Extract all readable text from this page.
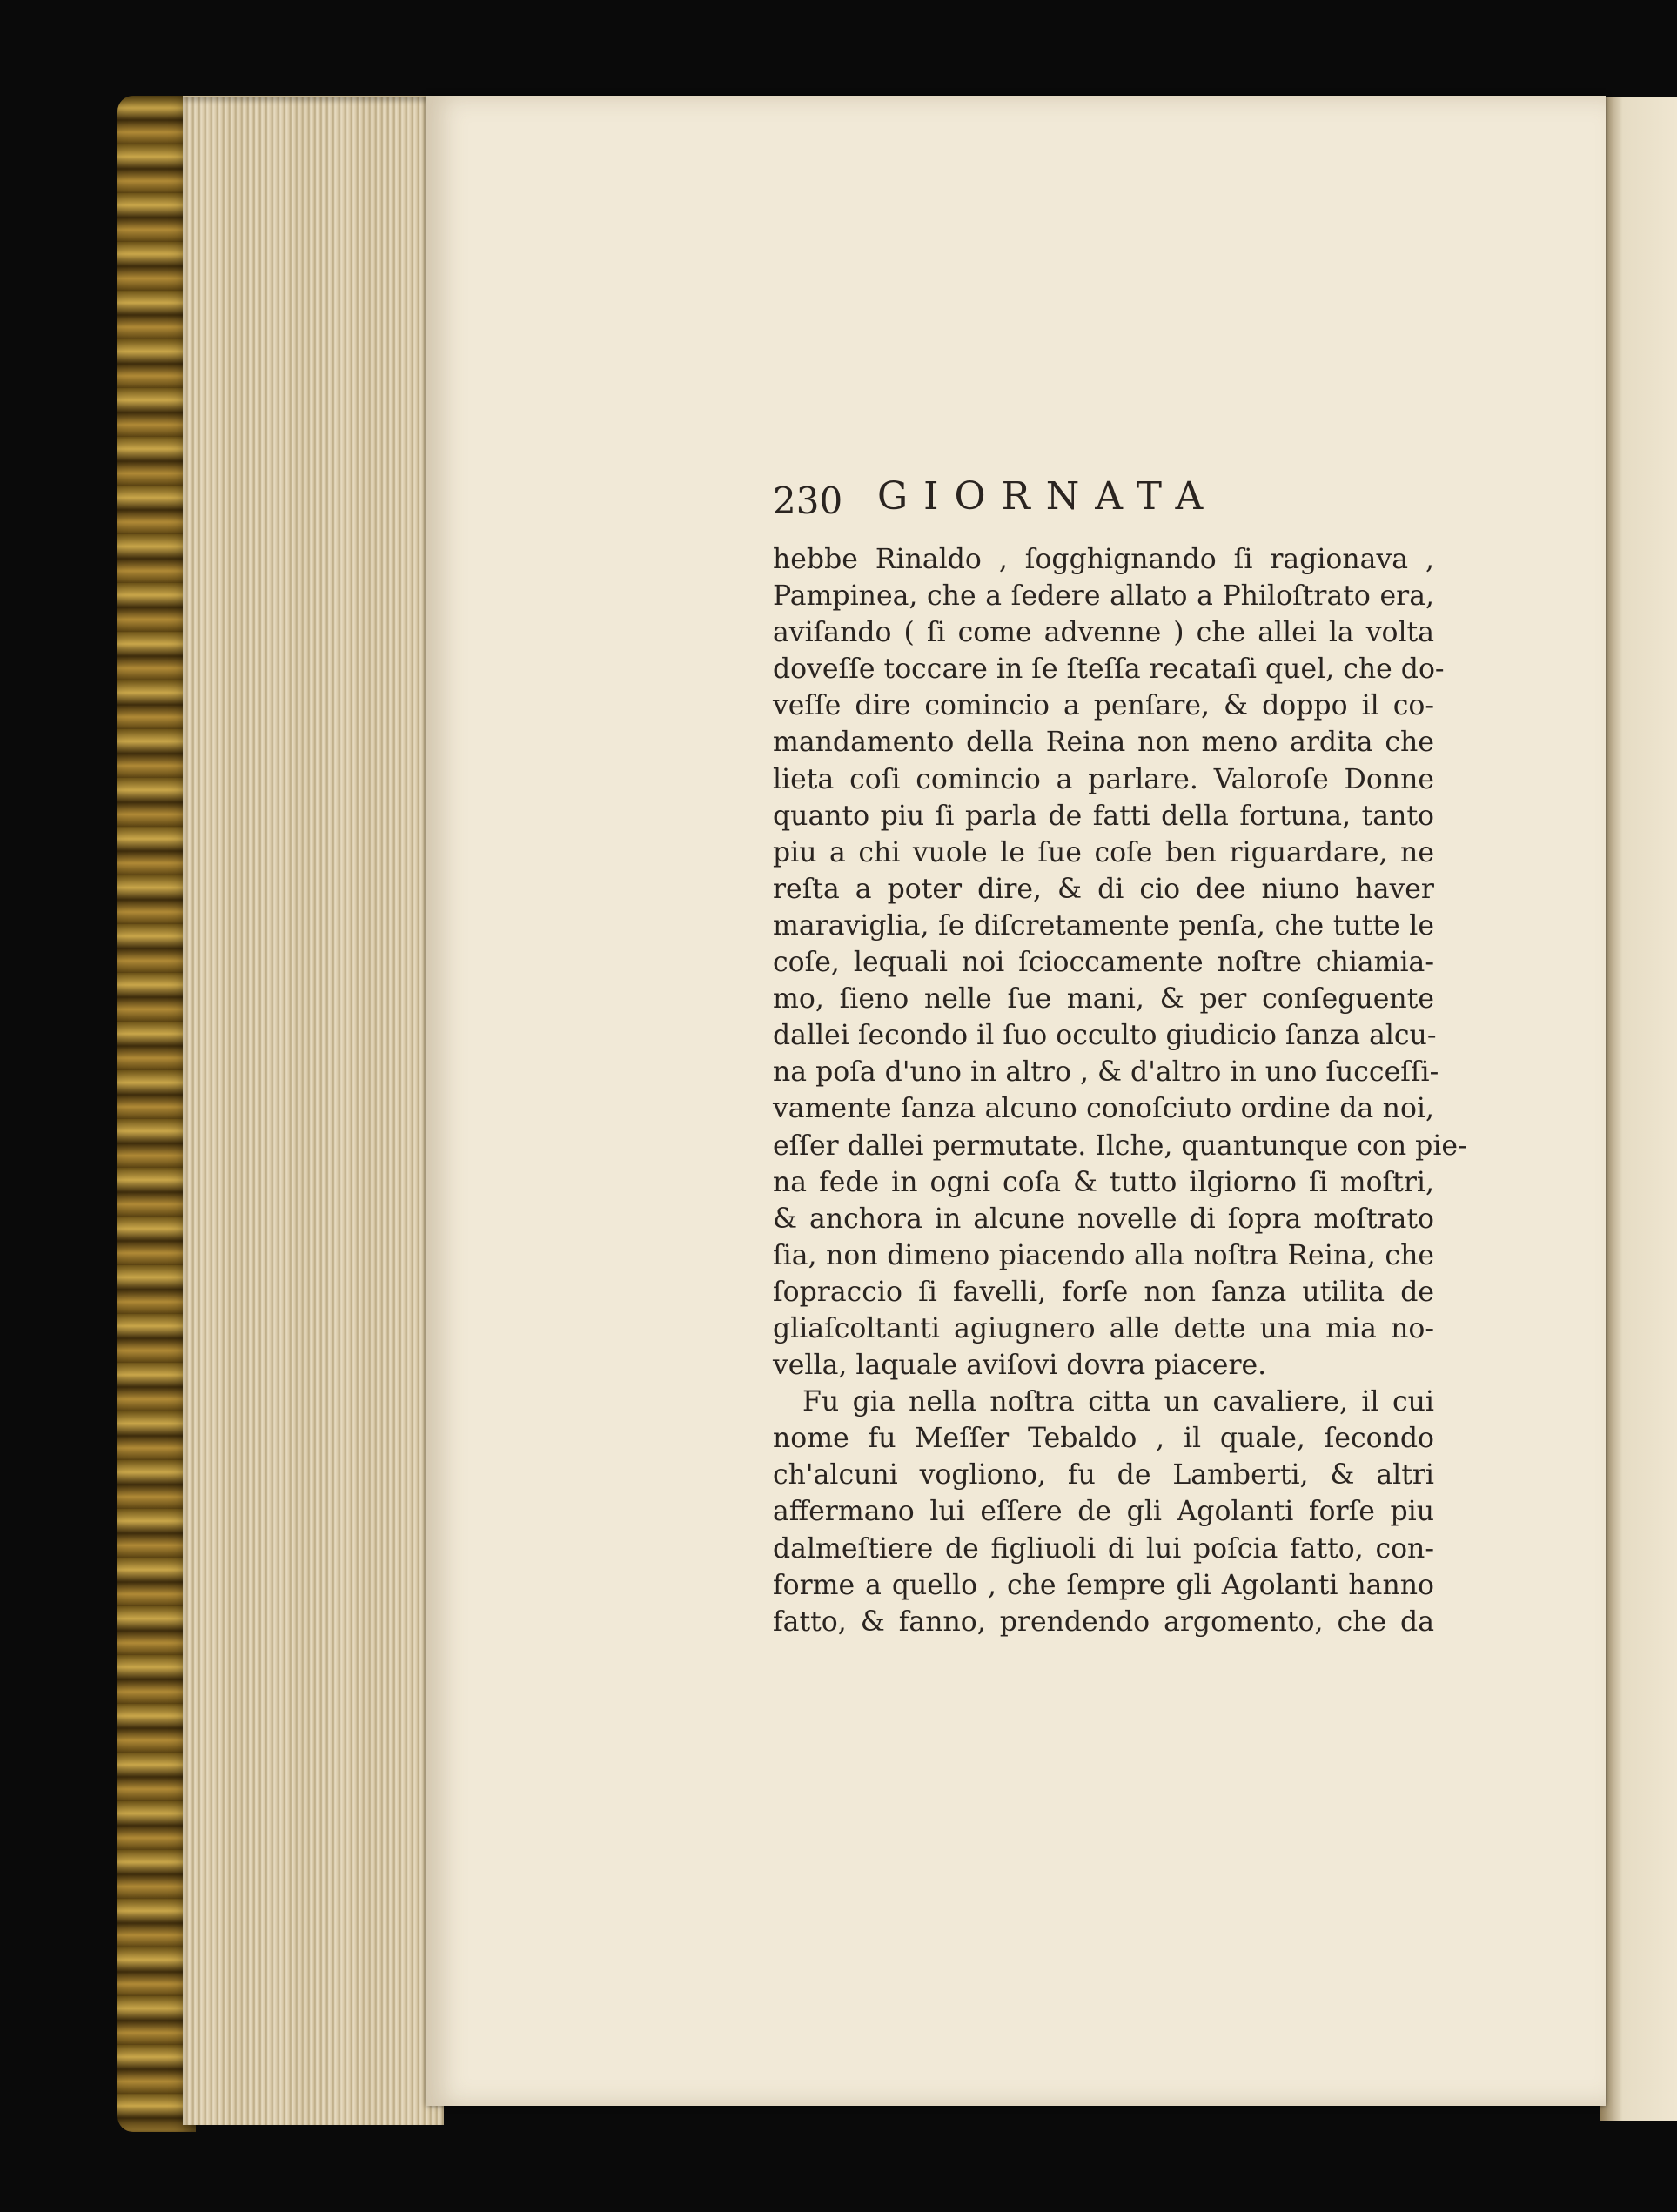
230 GIORNATA
hebbe Rinaldo , ſogghignando ſi ragionava ,
Pampinea, che a ſedere allato a Philoſtrato era,
aviſando ( ſi come advenne ) che allei la volta
doveſſe toccare in ſe ſteſſa recataſi quel, che do-
veſſe dire comincio a penſare, & doppo il co-
mandamento della Reina non meno ardita che
lieta coſi comincio a parlare. Valoroſe Donne
quanto piu ſi parla de fatti della fortuna, tanto
piu a chi vuole le ſue coſe ben riguardare, ne
reſta a poter dire, & di cio dee niuno haver
maraviglia, ſe diſcretamente penſa, che tutte le
coſe, lequali noi ſcioccamente noſtre chiamia-
mo, ſieno nelle ſue mani, & per conſeguente
dallei ſecondo il ſuo occulto giudicio ſanza alcu-
na poſa d'uno in altro , & d'altro in uno ſucceſſi-
vamente ſanza alcuno conoſciuto ordine da noi,
eſſer dallei permutate. Ilche, quantunque con pie-
na fede in ogni coſa & tutto ilgiorno ſi moſtri,
& anchora in alcune novelle di ſopra moſtrato
ſia, non dimeno piacendo alla noſtra Reina, che
ſopraccio ſi favelli, forſe non ſanza utilita de
gliaſcoltanti agiugnero alle dette una mia no-
vella, laquale aviſovi dovra piacere.
Fu gia nella noſtra citta un cavaliere, il cui
nome fu Meſſer Tebaldo , il quale, ſecondo
ch'alcuni vogliono, fu de Lamberti, & altri
affermano lui eſſere de gli Agolanti forſe piu
dalmeſtiere de figliuoli di lui poſcia fatto, con-
forme a quello , che ſempre gli Agolanti hanno
fatto, & fanno, prendendo argomento, che da
